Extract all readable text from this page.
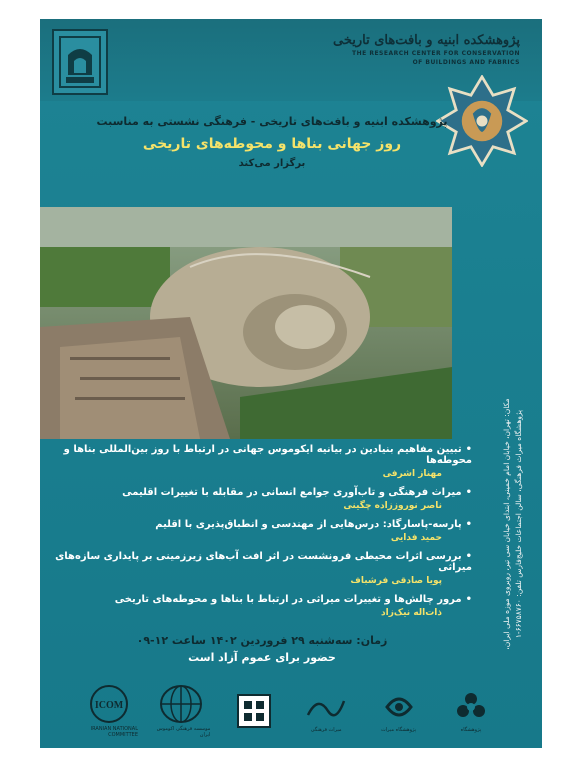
پژوهشکده ابنیه و بافت‌های تاریخی
THE RESEARCH CENTER FOR CONSERVATION
OF BUILDINGS AND FABRICS
پژوهشکده ابنیه و بافت‌های تاریخی - فرهنگی نشستی به مناسبت
روز جهانی بناها و محوطه‌های تاریخی
برگزار می‌کند
مکان: تهران، خیابان امام خمینی، ابتدای خیابان سی تیر، روبروی موزه ملی ایران، پژوهشگاه میراث فرهنگی، سالن اجتماعات خلیج‌فارس تلفن: ۶۶۷۵۸۷۶۰-۱
•تبیین مفاهیم بنیادین در بیانیه ایکوموس جهانی در ارتباط با روز بین‌المللی بناها و محوطه‌ها
مهناز اشرفی
•میراث فرهنگی و تاب‌آوری جوامع انسانی در مقابله با تغییرات اقلیمی
ناصر نوروززاده چگینی
•پارسه-پاسارگاد: درس‌هایی از مهندسی و انطباق‌پذیری با اقلیم
حمید فدایی
•بررسی اثرات محیطی فرونشست در اثر افت آب‌های زیرزمینی بر پایداری سازه‌های میراثی
پویا صادقی فرشباف
•مرور چالش‌ها و تغییرات میراثی در ارتباط با بناها و محوطه‌های تاریخی
ذات‌اله نیک‌زاد
زمان: سه‌شنبه ۲۹ فروردین ۱۴۰۲ ساعت ۱۲-۰۹
حضور برای عموم آزاد است
ICOM
IRANIAN NATIONAL COMMITTEE
موسسه فرهنگی اکوموس ایران
میراث فرهنگی	پژوهشگاه میراث	پژوهشگاه
